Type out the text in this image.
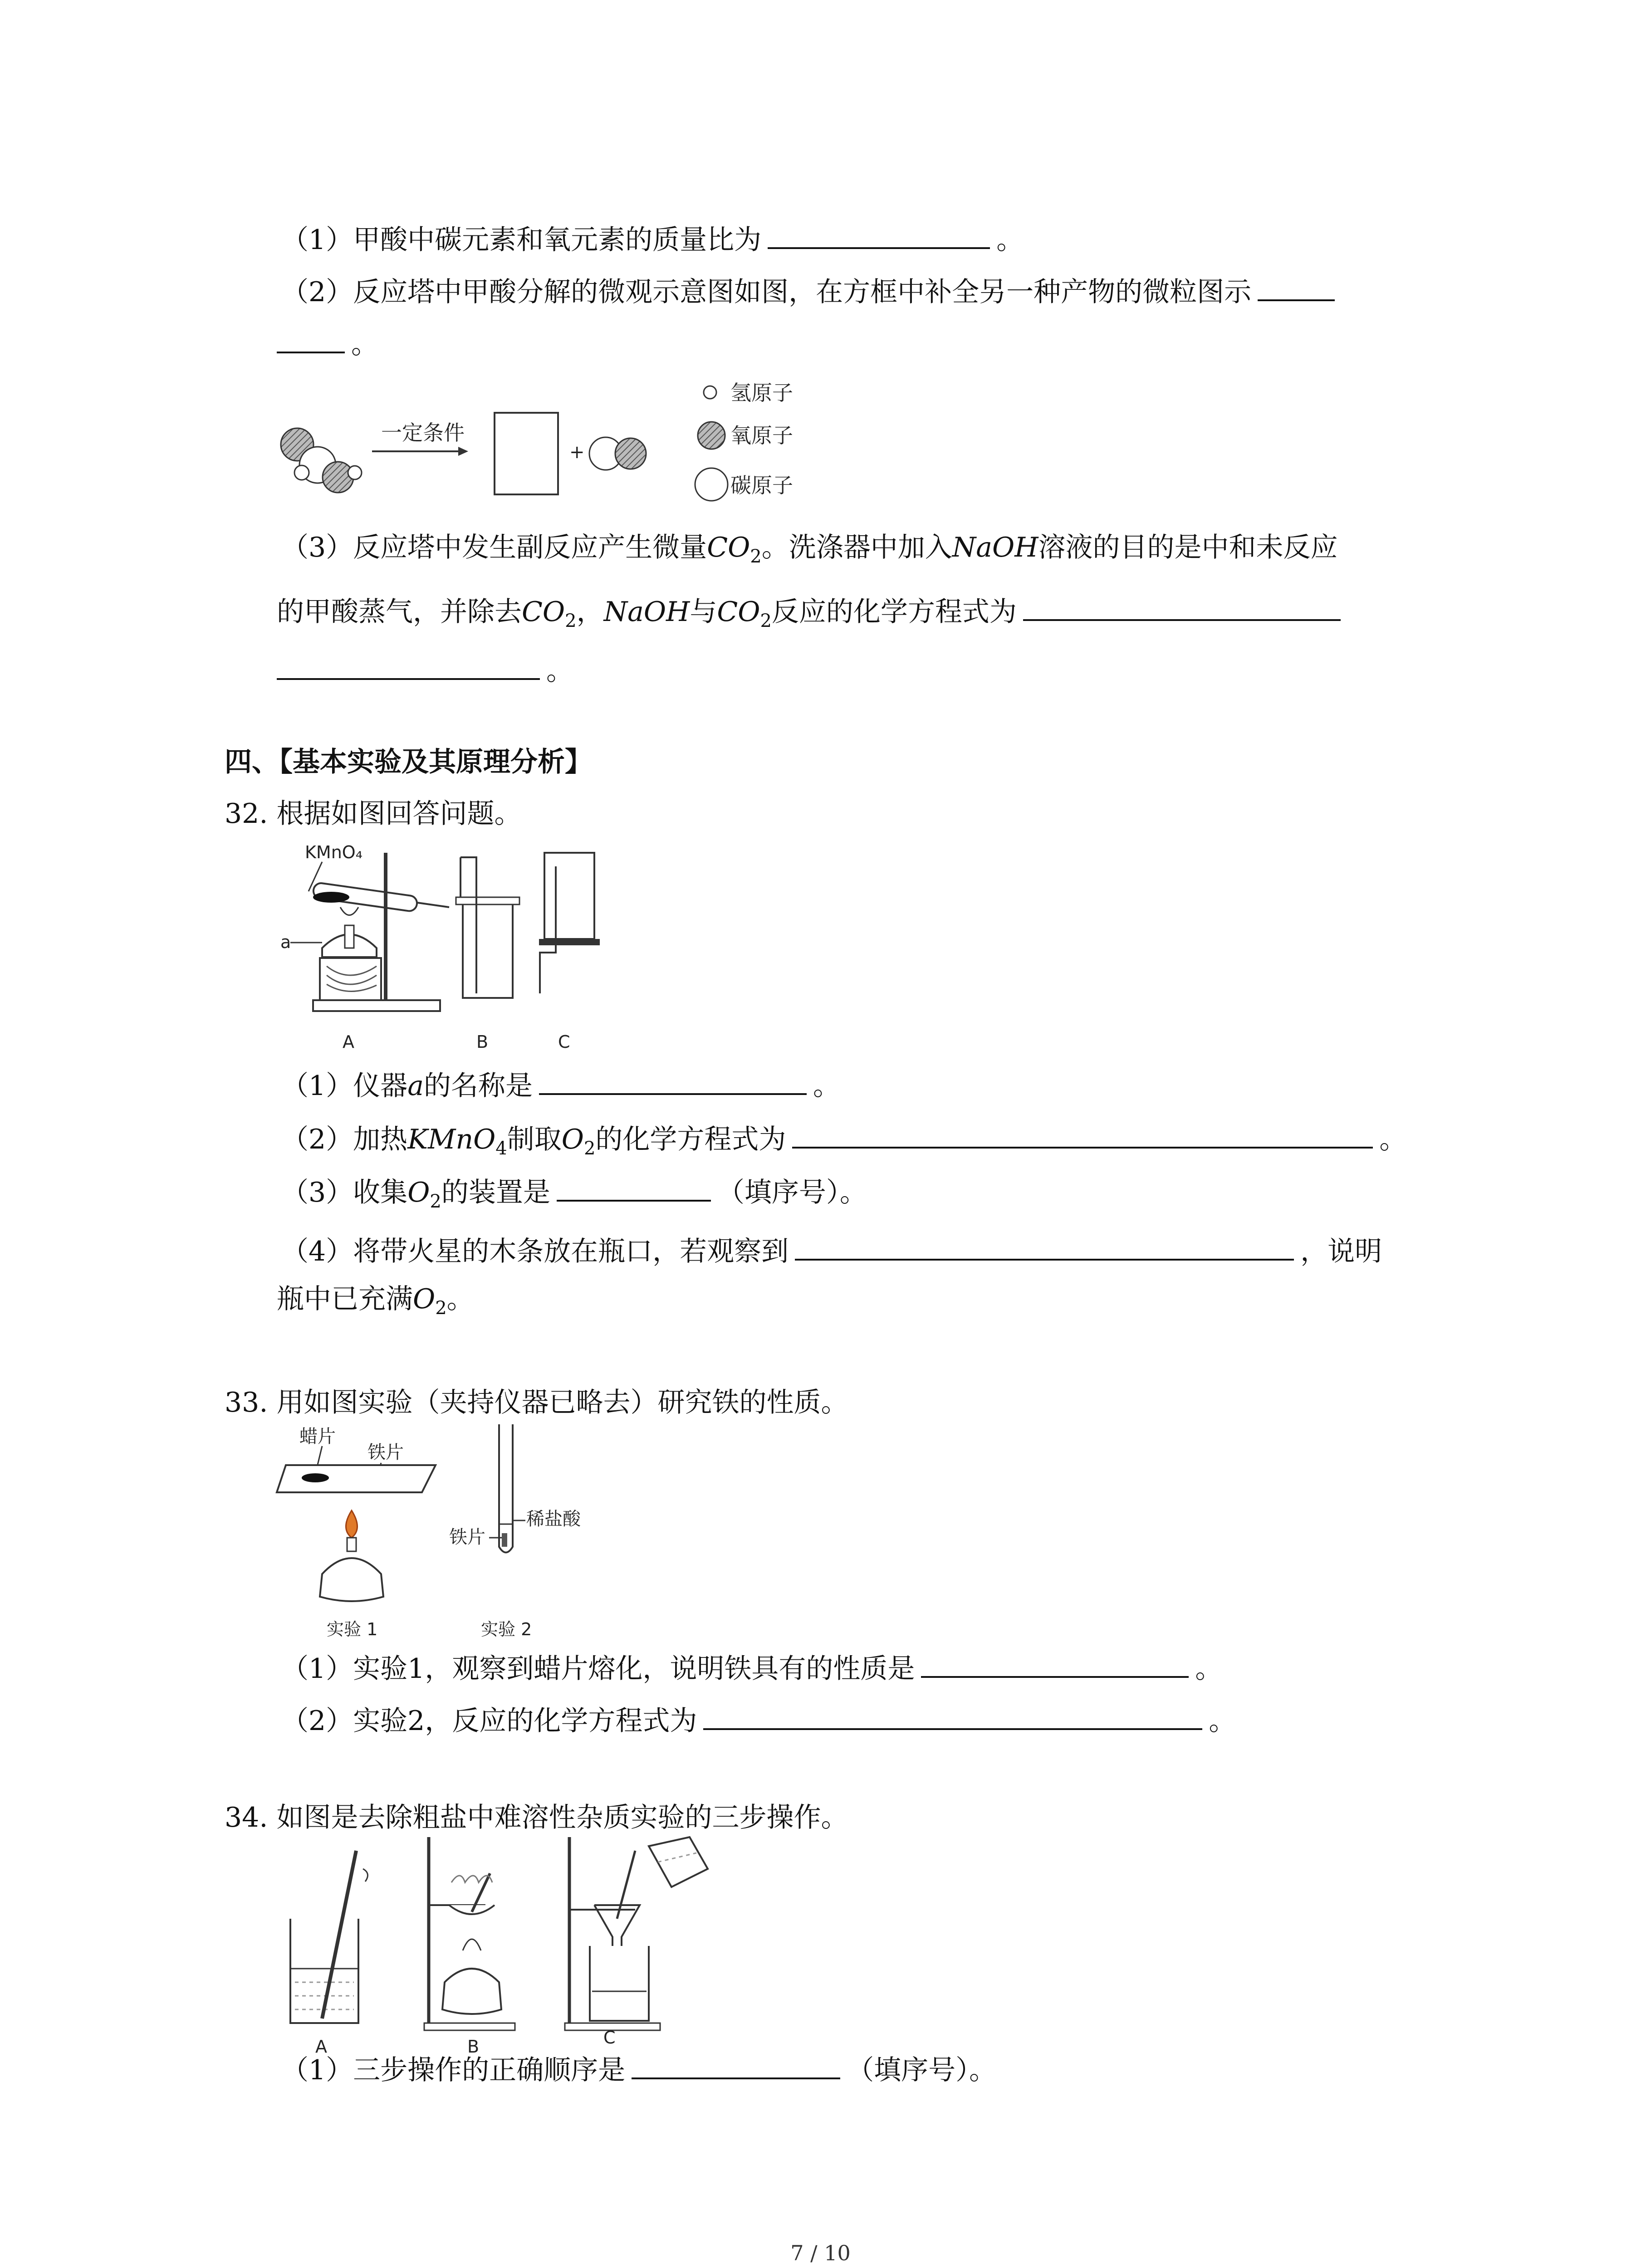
（1）甲酸中碳元素和氧元素的质量比为	。
（2）反应塔中甲酸分解的微观示意图如图，在方框中补全另一种产物的微粒图示
。
一定条件
+
氢原子
氧原子
碳原子
（3）反应塔中发生副反应产生微量$CO_2$。洗涤器中加入NaOH溶液的目的是中和未反应
的甲酸蒸气，并除去$CO_2$，NaOH与$CO_2$反应的化学方程式为
。
四、【基本实验及其原理分析】
32. 根据如图回答问题。
KMnO₄
a
A	B	C
（1）仪器a的名称是	。
（2）加热KMnO$_4$制取$O_2$的化学方程式为	。
（3）收集$O_2$的装置是	（填序号）。
（4）将带火星的木条放在瓶口，若观察到	，说明
瓶中已充满$O_2$。
33. 用如图实验（夹持仪器已略去）研究铁的性质。
蜡片
铁片
铁片
稀盐酸
实验 1	实验 2
（1）实验1，观察到蜡片熔化，说明铁具有的性质是	。
（2）实验2，反应的化学方程式为	。
34. 如图是去除粗盐中难溶性杂质实验的三步操作。
A	B	C
（1）三步操作的正确顺序是	（填序号）。
7 / 10
